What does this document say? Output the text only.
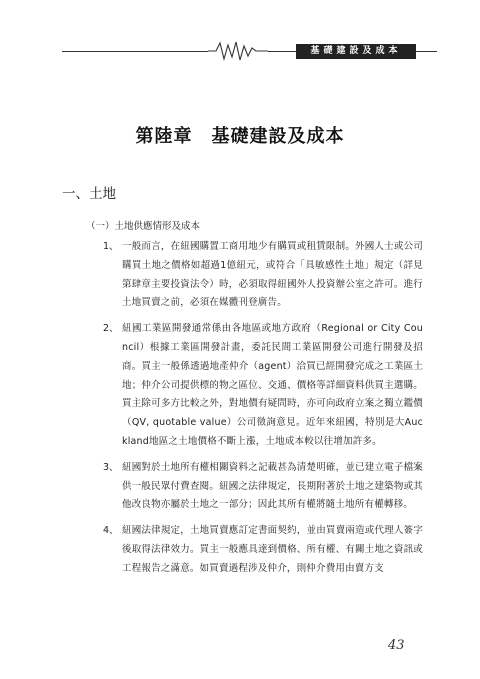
基礎建設及成本
第陸章　基礎建設及成本
一、土地
（一）土地供應情形及成本
1、 一般而言，在紐國購置工商用地少有購買或租賃限制。外國人士或公司購買土地之價格如超過1億紐元，或符合「具敏感性土地」規定（詳見第肆章主要投資法令）時，必須取得紐國外人投資辦公室之許可。進行土地買賣之前，必須在媒體刊登廣告。
2、 紐國工業區開發通常係由各地區或地方政府（Regional or City Council）根據工業區開發計畫，委託民間工業區開發公司進行開發及招商。買主一般係透過地產仲介（agent）洽買已經開發完成之工業區土地；仲介公司提供標的物之區位、交通、價格等詳細資料供買主選購。買主除可多方比較之外，對地價有疑問時，亦可向政府立案之獨立鑑價（QV, quotable value）公司徵詢意見。近年來紐國，特別是大Auckland地區之土地價格不斷上漲，土地成本較以往增加許多。
3、 紐國對於土地所有權相關資料之記載甚為清楚明確，並已建立電子檔案供一般民眾付費查閱。紐國之法律規定，長期附著於土地之建築物或其他改良物亦屬於土地之一部分；因此其所有權將隨土地所有權轉移。
4、 紐國法律規定，土地買賣應訂定書面契約，並由買賣兩造或代理人簽字後取得法律效力。買主一般應具達到價格、所有權、有關土地之資訊或工程報告之滿意。如買賣過程涉及仲介，則仲介費用由賣方支
43
